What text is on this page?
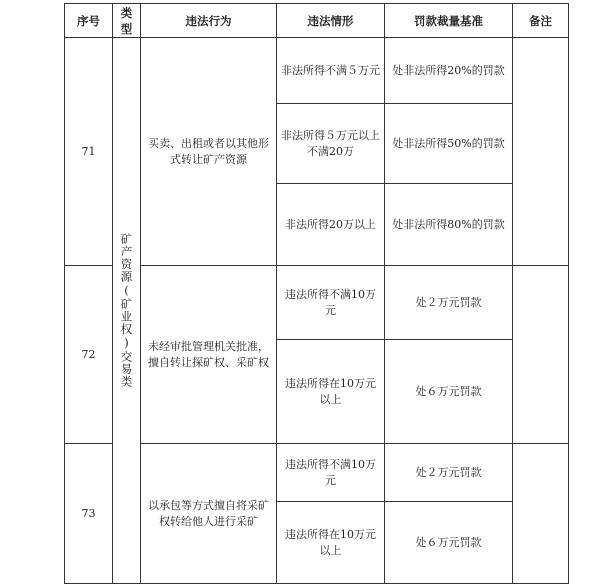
序号	类型	违法行为	违法情形	罚款裁量基准	备注
71	矿产资源(矿业权)交易类	买卖、出租或者以其他形式转让矿产资源	非法所得不满５万元	处非法所得20%的罚款	
			非法所得５万元以上不满20万	处非法所得50%的罚款	
			非法所得20万以上	处非法所得80%的罚款	
72		未经审批管理机关批准，擅自转让探矿权、采矿权	违法所得不满10万元	处２万元罚款	
			违法所得在10万元以上	处６万元罚款	
73		以承包等方式擅自将采矿权转给他人进行采矿	违法所得不满10万元	处２万元罚款	
			违法所得在10万元以上	处６万元罚款	
